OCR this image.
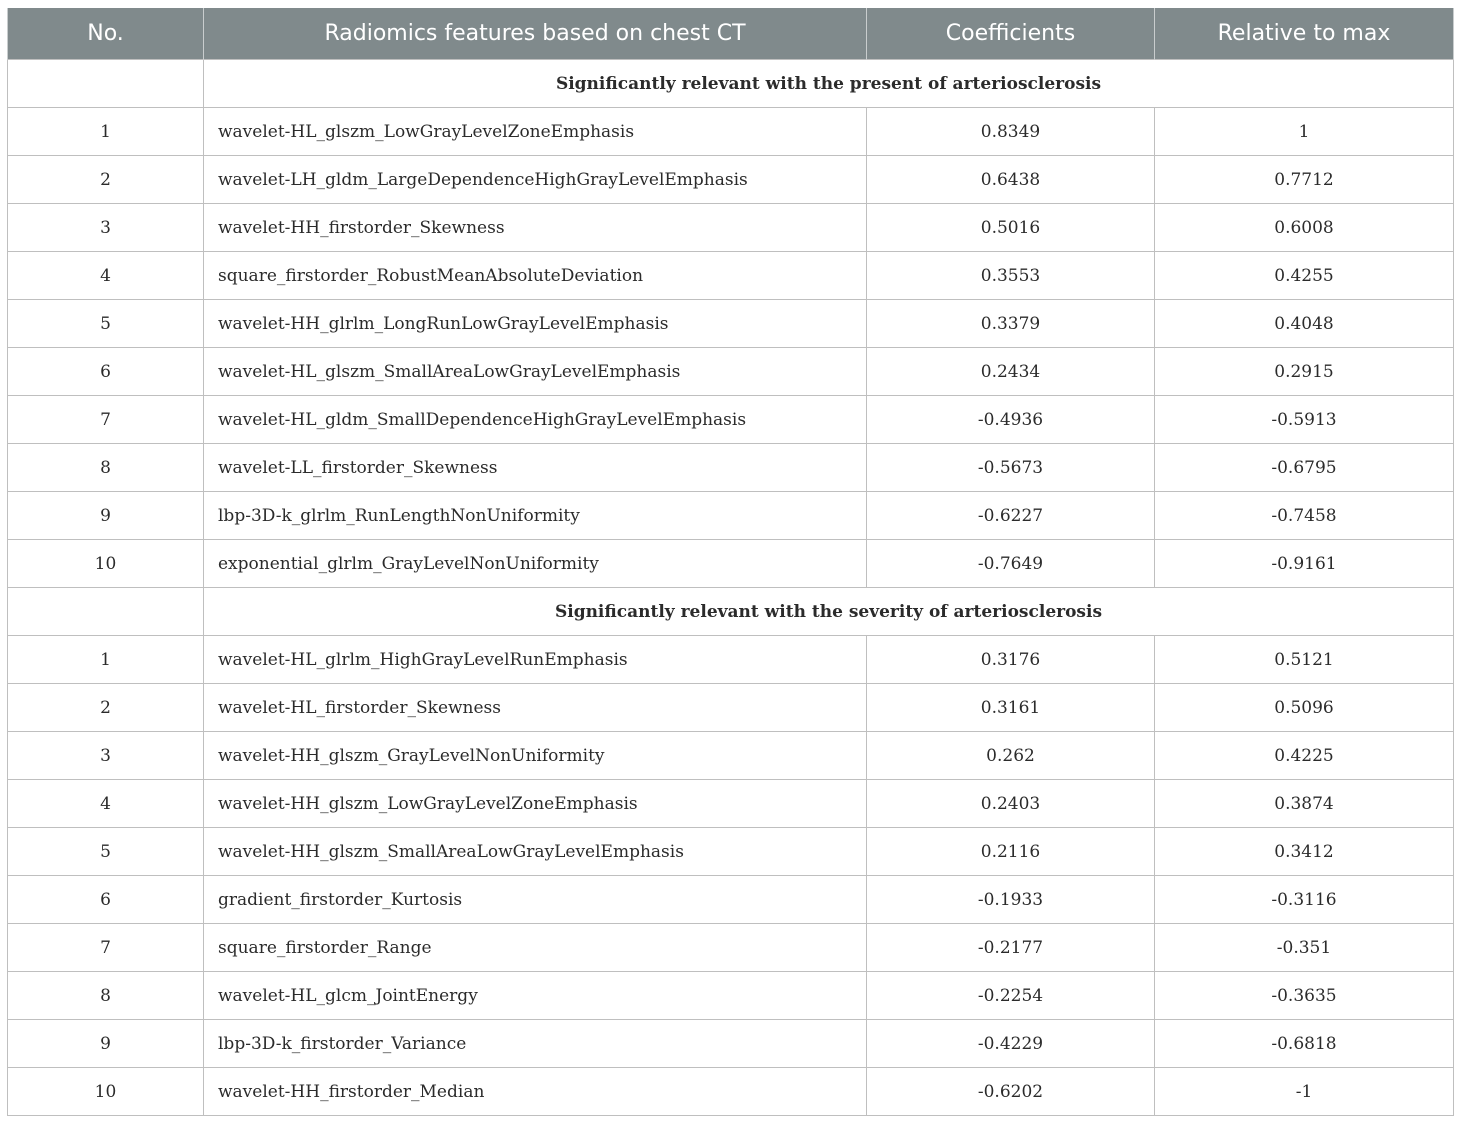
No.	Radiomics features based on chest CT	Coefficients	Relative to max
	Significantly relevant with the present of arteriosclerosis		
1	wavelet-HL_glszm_LowGrayLevelZoneEmphasis	0.8349	1
2	wavelet-LH_gldm_LargeDependenceHighGrayLevelEmphasis	0.6438	0.7712
3	wavelet-HH_firstorder_Skewness	0.5016	0.6008
4	square_firstorder_RobustMeanAbsoluteDeviation	0.3553	0.4255
5	wavelet-HH_glrlm_LongRunLowGrayLevelEmphasis	0.3379	0.4048
6	wavelet-HL_glszm_SmallAreaLowGrayLevelEmphasis	0.2434	0.2915
7	wavelet-HL_gldm_SmallDependenceHighGrayLevelEmphasis	-0.4936	-0.5913
8	wavelet-LL_firstorder_Skewness	-0.5673	-0.6795
9	lbp-3D-k_glrlm_RunLengthNonUniformity	-0.6227	-0.7458
10	exponential_glrlm_GrayLevelNonUniformity	-0.7649	-0.9161
	Significantly relevant with the severity of arteriosclerosis		
1	wavelet-HL_glrlm_HighGrayLevelRunEmphasis	0.3176	0.5121
2	wavelet-HL_firstorder_Skewness	0.3161	0.5096
3	wavelet-HH_glszm_GrayLevelNonUniformity	0.262	0.4225
4	wavelet-HH_glszm_LowGrayLevelZoneEmphasis	0.2403	0.3874
5	wavelet-HH_glszm_SmallAreaLowGrayLevelEmphasis	0.2116	0.3412
6	gradient_firstorder_Kurtosis	-0.1933	-0.3116
7	square_firstorder_Range	-0.2177	-0.351
8	wavelet-HL_glcm_JointEnergy	-0.2254	-0.3635
9	lbp-3D-k_firstorder_Variance	-0.4229	-0.6818
10	wavelet-HH_firstorder_Median	-0.6202	-1
